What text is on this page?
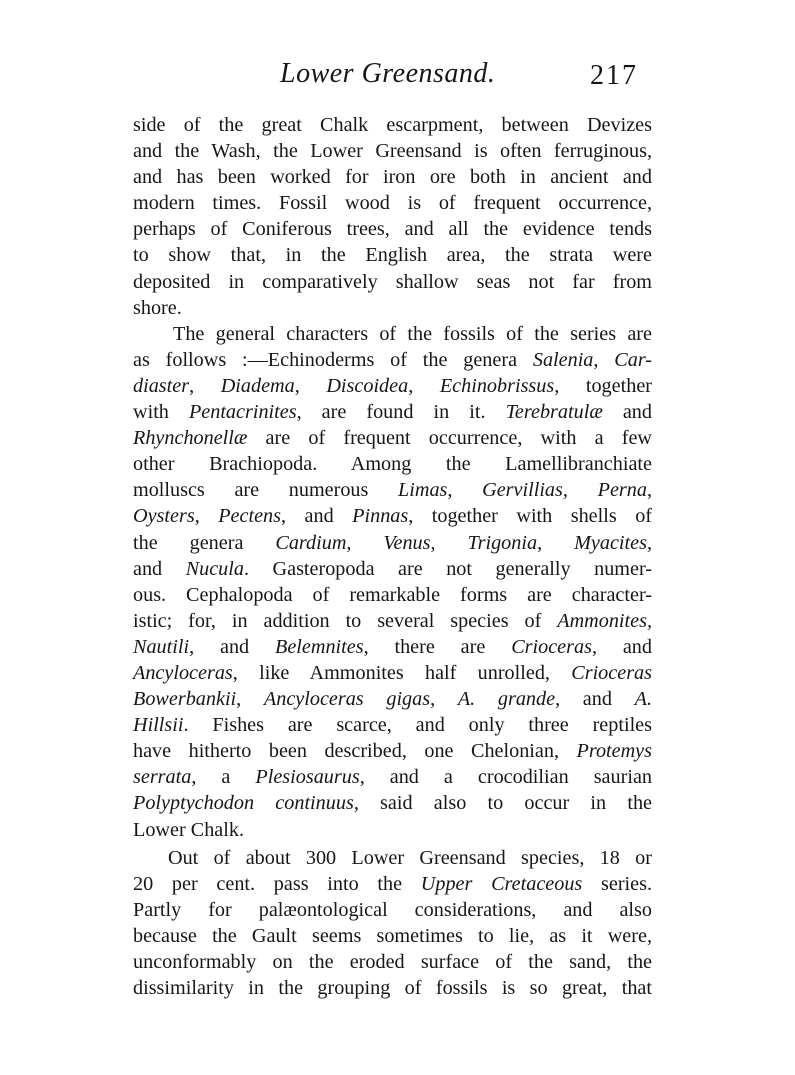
Lower Greensand.	217

side of the great Chalk escarpment, between Devizes
and the Wash, the Lower Greensand is often ferruginous,
and has been worked for iron ore both in ancient and
modern times. Fossil wood is of frequent occurrence,
perhaps of Coniferous trees, and all the evidence tends
to show that, in the English area, the strata were
deposited in comparatively shallow seas not far from
shore.

The general characters of the fossils of the series are
as follows :—Echinoderms of the genera Salenia, Car-
diaster, Diadema, Discoidea, Echinobrissus, together
with Pentacrinites, are found in it. Terebratulæ and
Rhynchonellæ are of frequent occurrence, with a few
other Brachiopoda. Among the Lamellibranchiate
molluscs are numerous Limas, Gervillias, Perna,
Oysters, Pectens, and Pinnas, together with shells of
the genera Cardium, Venus, Trigonia, Myacites,
and Nucula. Gasteropoda are not generally numer-
ous. Cephalopoda of remarkable forms are character-
istic; for, in addition to several species of Ammonites,
Nautili, and Belemnites, there are Crioceras, and
Ancyloceras, like Ammonites half unrolled, Crioceras
Bowerbankii, Ancyloceras gigas, A. grande, and A.
Hillsii. Fishes are scarce, and only three reptiles
have hitherto been described, one Chelonian, Protemys
serrata, a Plesiosaurus, and a crocodilian saurian
Polyptychodon continuus, said also to occur in the
Lower Chalk.

Out of about 300 Lower Greensand species, 18 or
20 per cent. pass into the Upper Cretaceous series.
Partly for palæontological considerations, and also
because the Gault seems sometimes to lie, as it were,
unconformably on the eroded surface of the sand, the
dissimilarity in the grouping of fossils is so great, that
